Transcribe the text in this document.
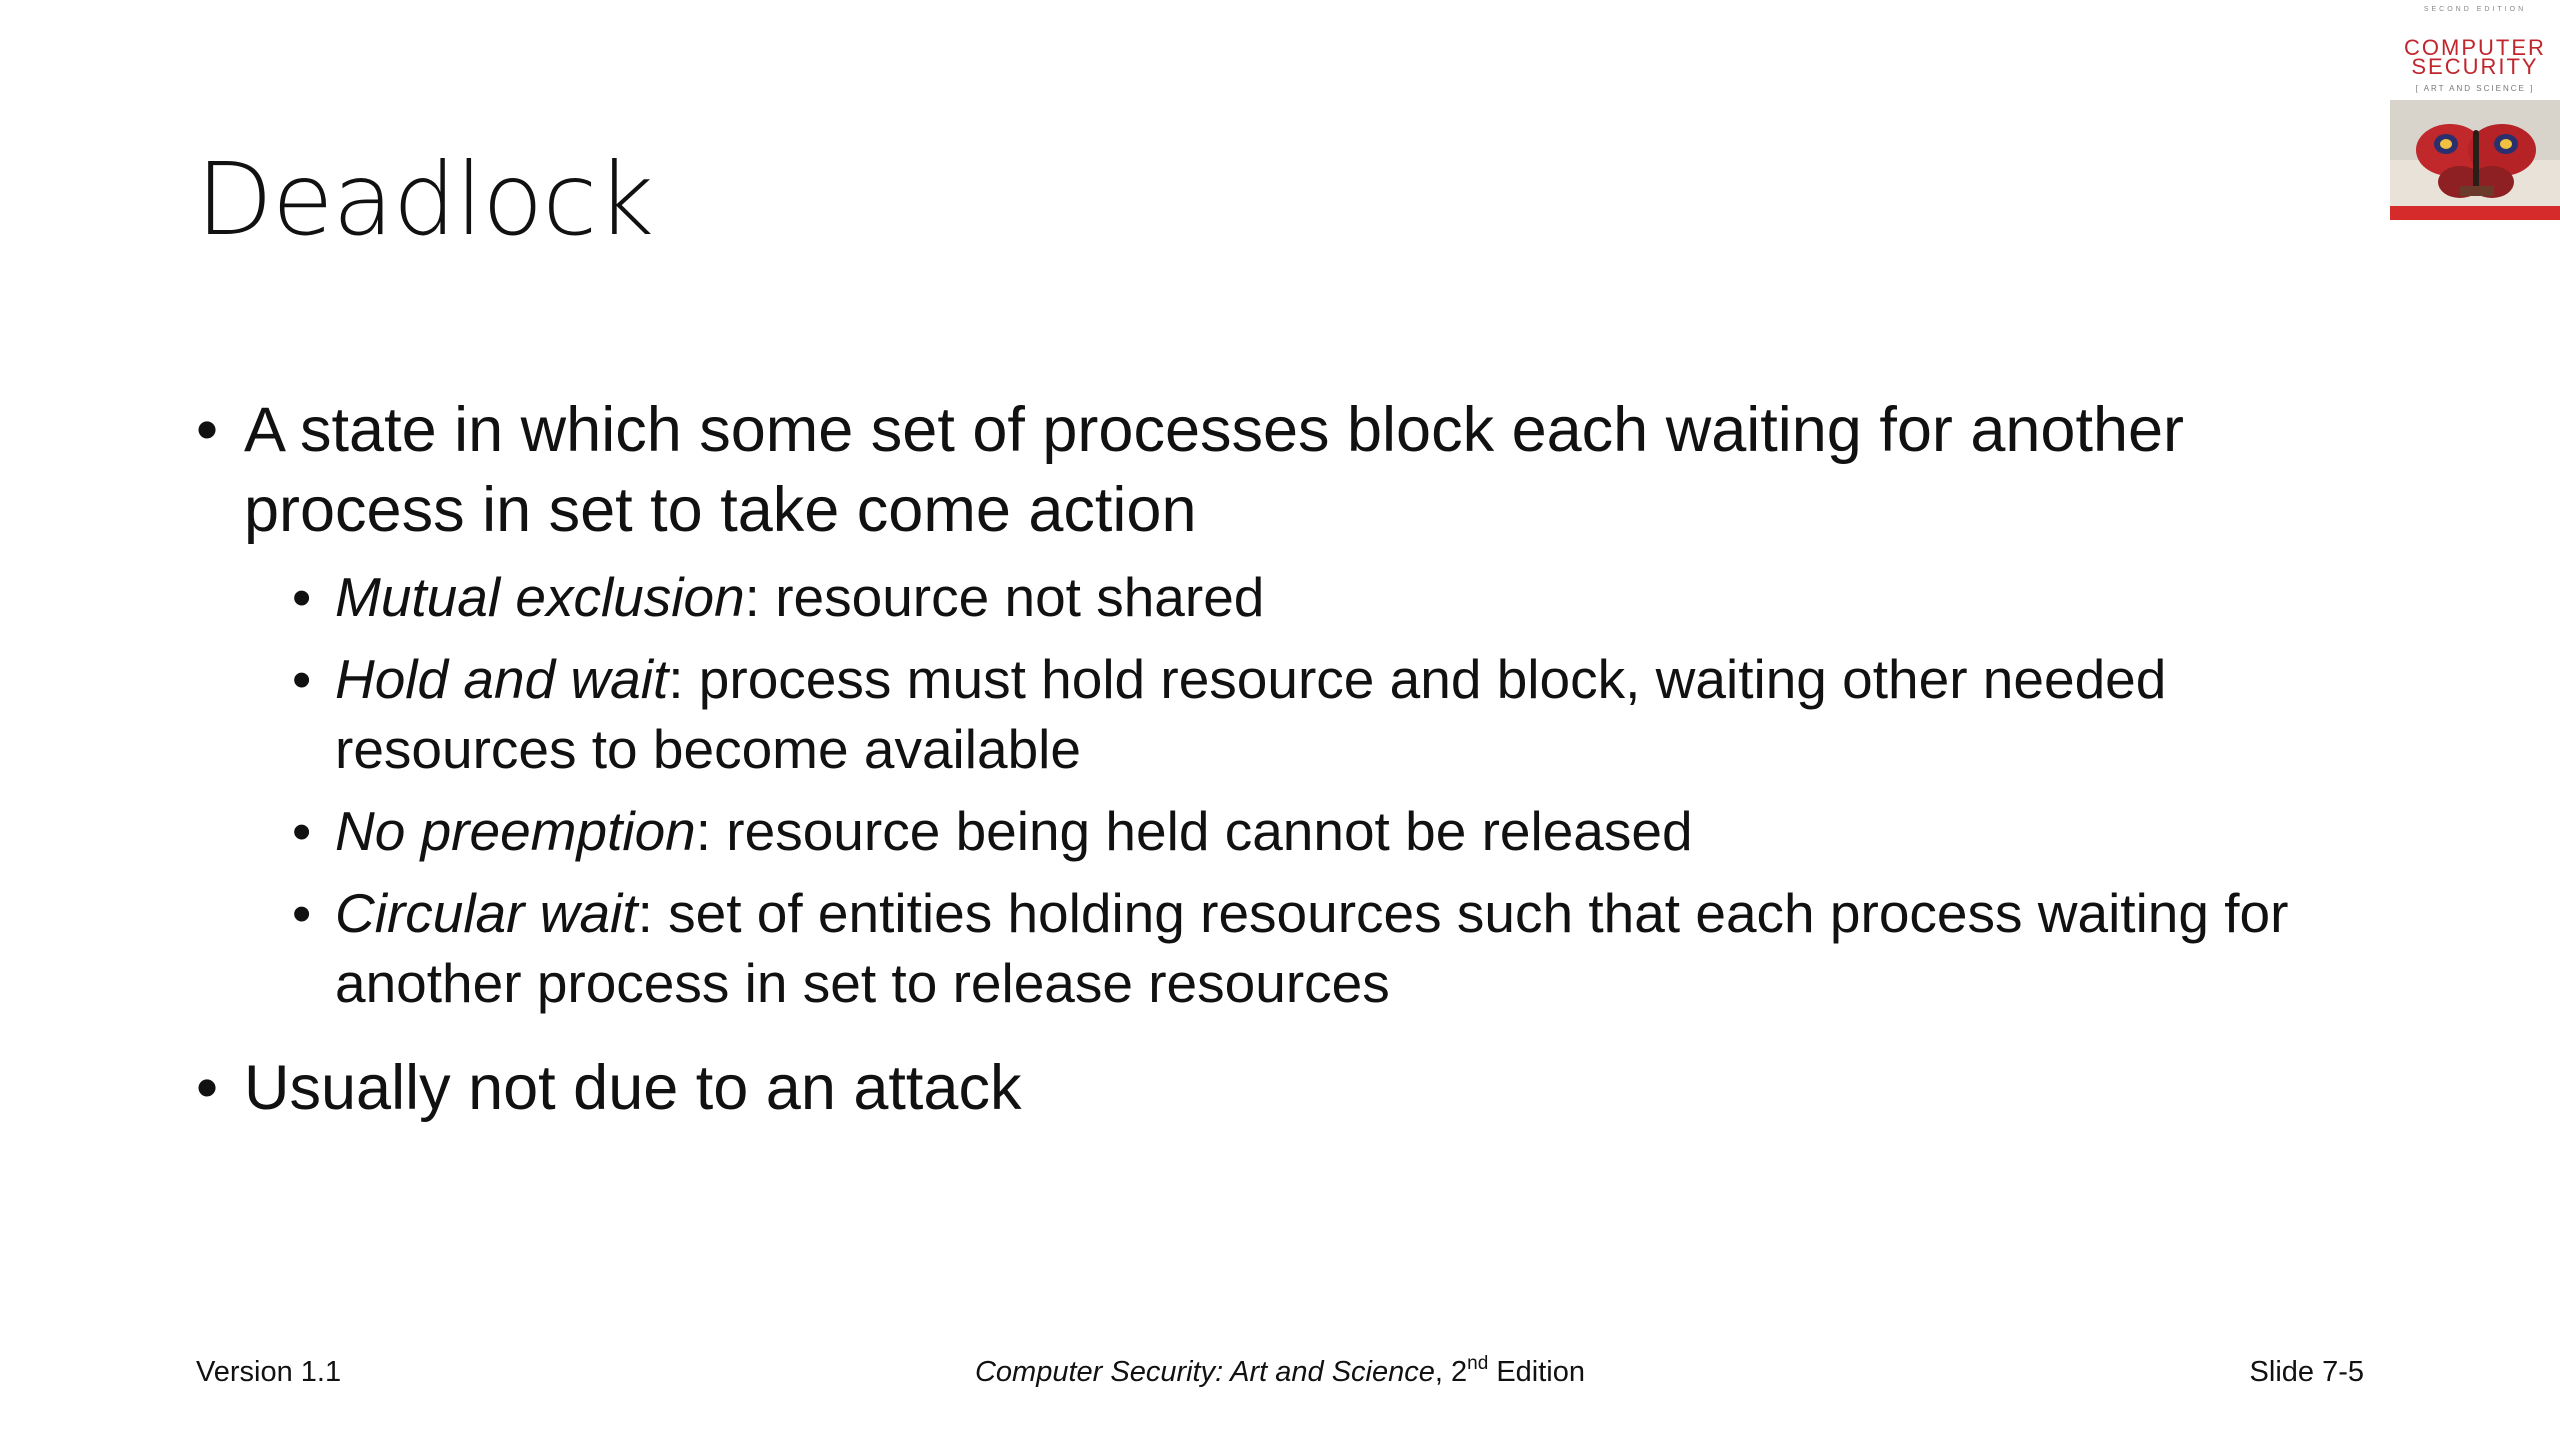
Deadlock
SECOND EDITION
COMPUTER SECURITY
[ ART AND SCIENCE ]

• A state in which some set of processes block each waiting for another process in set to take come action

• Mutual exclusion: resource not shared

• Hold and wait: process must hold resource and block, waiting other needed resources to become available

• No preemption: resource being held cannot be released

• Circular wait: set of entities holding resources such that each process waiting for another process in set to release resources

• Usually not due to an attack

Version 1.1	Computer Security: Art and Science, 2nd Edition	Slide 7-5
